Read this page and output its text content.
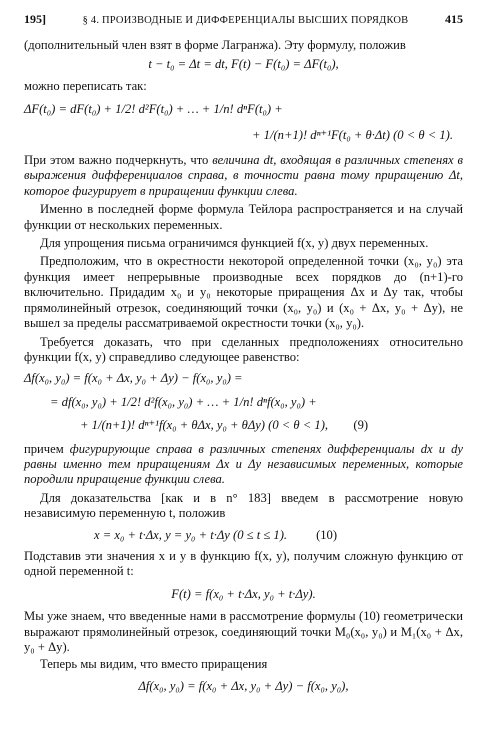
195]	§ 4. ПРОИЗВОДНЫЕ И ДИФФЕРЕНЦИАЛЫ ВЫСШИХ ПОРЯДКОВ	415

(дополнительный член взят в форме Лагранжа). Эту формулу, положив

t − t₀ = Δt = dt, F(t) − F(t₀) = ΔF(t₀),

можно переписать так:

ΔF(t₀) = dF(t₀) + 1/2! d²F(t₀) + … + 1/n! dⁿF(t₀) +
+ 1/(n+1)! dⁿ⁺¹F(t₀ + θ·Δt) (0 < θ < 1).

При этом важно подчеркнуть, что величина dt, входящая в различных степенях в выражения дифференциалов справа, в точности равна тому приращению Δt, которое фигурирует в приращении функции слева.

Именно в последней форме формула Тейлора распространяется и на случай функции от нескольких переменных.

Для упрощения письма ограничимся функцией f(x, y) двух переменных.

Предположим, что в окрестности некоторой определенной точки (x₀, y₀) эта функция имеет непрерывные производные всех порядков до (n+1)-го включительно. Придадим x₀ и y₀ некоторые приращения Δx и Δy так, чтобы прямолинейный отрезок, соединяющий точки (x₀, y₀) и (x₀ + Δx, y₀ + Δy), не вышел за пределы рассматриваемой окрестности точки (x₀, y₀).

Требуется доказать, что при сделанных предположениях относительно функции f(x, y) справедливо следующее равенство:

Δf(x₀, y₀) = f(x₀ + Δx, y₀ + Δy) − f(x₀, y₀) =
= df(x₀, y₀) + 1/2! d²f(x₀, y₀) + … + 1/n! dⁿf(x₀, y₀) +
+ 1/(n+1)! dⁿ⁺¹f(x₀ + θΔx, y₀ + θΔy) (0 < θ < 1), (9)

причем фигурирующие справа в различных степенях дифференциалы dx и dy равны именно тем приращениям Δx и Δy независимых переменных, которые породили приращение функции слева.

Для доказательства [как и в n° 183] введем в рассмотрение новую независимую переменную t, положив

x = x₀ + t·Δx, y = y₀ + t·Δy (0 ≤ t ≤ 1). (10)

Подставив эти значения x и y в функцию f(x, y), получим сложную функцию от одной переменной t:

F(t) = f(x₀ + t·Δx, y₀ + t·Δy).

Мы уже знаем, что введенные нами в рассмотрение формулы (10) геометрически выражают прямолинейный отрезок, соединяющий точки M₀(x₀, y₀) и M₁(x₀ + Δx, y₀ + Δy).

Теперь мы видим, что вместо приращения

Δf(x₀, y₀) = f(x₀ + Δx, y₀ + Δy) − f(x₀, y₀),
